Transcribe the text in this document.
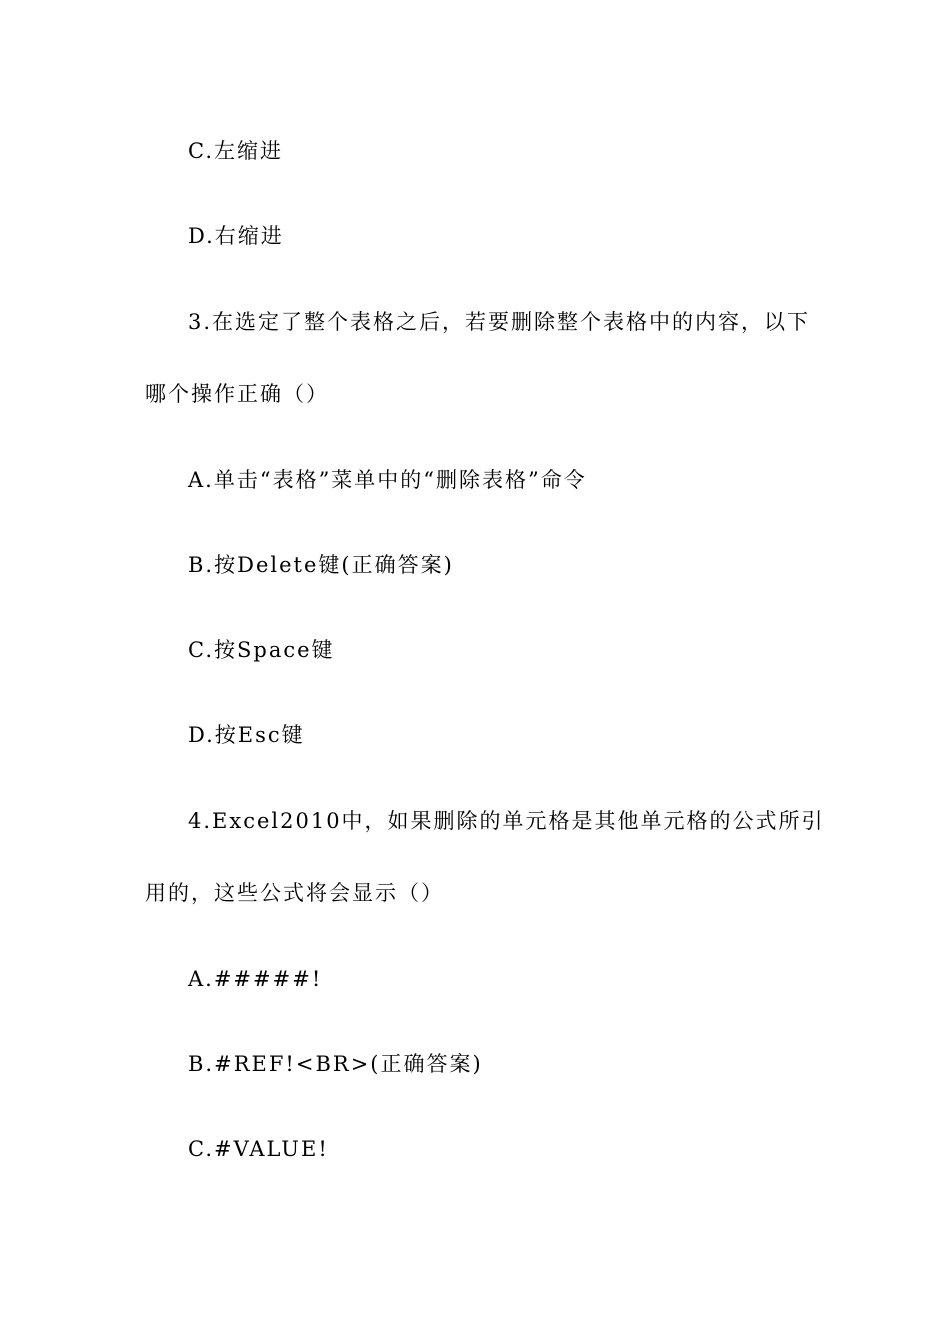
C.左缩进
D.右缩进
3.在选定了整个表格之后，若要删除整个表格中的内容，以下
哪个操作正确（）
A.单击“表格”菜单中的“删除表格”命令
B.按Delete键(正确答案)
C.按Space键
D.按Esc键
4.Excel2010中，如果删除的单元格是其他单元格的公式所引
用的，这些公式将会显示（）
A.#####!
B.#REF!<BR>(正确答案)
C.#VALUE!
